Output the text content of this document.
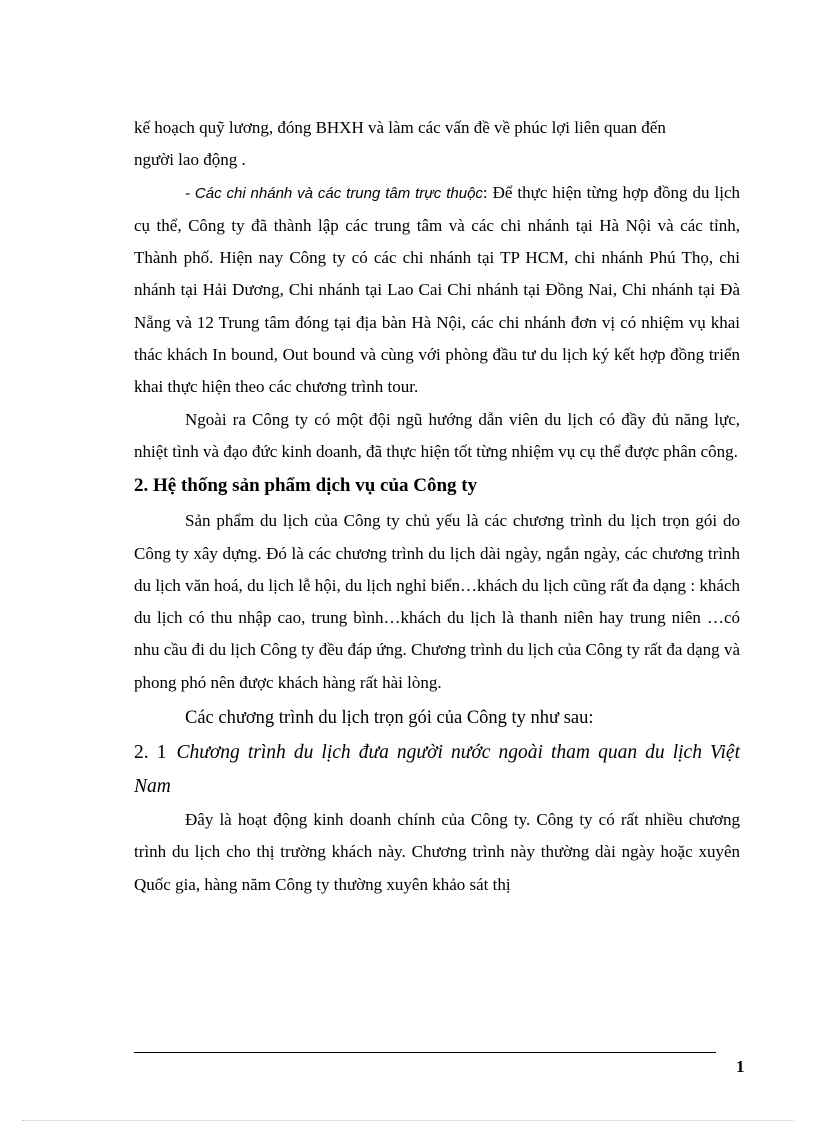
kế hoạch quỹ lương, đóng BHXH và làm các vấn đề về phúc lợi liên quan đến

người lao động .

- Các chi nhánh và các trung tâm trực thuộc: Để thực hiện từng hợp đồng du lịch cụ thể, Công ty đã thành lập các trung tâm và các chi nhánh tại Hà Nội và các tỉnh, Thành phố. Hiện nay Công ty có các chi nhánh tại TP HCM, chi nhánh Phú Thọ, chi nhánh tại Hải Dương, Chi nhánh tại Lao Cai Chi nhánh tại Đồng Nai, Chi nhánh tại Đà Nẵng và 12 Trung tâm đóng tại địa bàn Hà Nội, các chi nhánh đơn vị có nhiệm vụ khai thác khách In bound, Out bound và cùng với phòng đầu tư du lịch ký kết hợp đồng triển khai thực hiện theo các chương trình tour.

Ngoài ra Công ty có một đội ngũ hướng dẫn viên du lịch có đầy đủ năng lực, nhiệt tình và đạo đức kinh doanh, đã thực hiện tốt từng nhiệm vụ cụ thể được phân công.

2. Hệ thống sản phẩm dịch vụ của Công ty

Sản phẩm du lịch của Công ty chủ yếu là các chương trình du lịch trọn gói do Công ty xây dựng. Đó là các chương trình du lịch dài ngày, ngắn ngày, các chương trình du lịch văn hoá, du lịch lễ hội, du lịch nghỉ biển…khách du lịch cũng rất đa dạng : khách du lịch có thu nhập cao, trung bình…khách du lịch là thanh niên hay trung niên …có nhu cầu đi du lịch Công ty đều đáp ứng. Chương trình du lịch của Công ty rất đa dạng và phong phó nên được khách hàng rất hài lòng.

Các chương trình du lịch trọn gói của Công ty như sau:

2. 1 Chương trình du lịch đưa người nước ngoài tham quan du lịch Việt Nam

Đây là hoạt động kinh doanh chính của Công ty. Công ty có rất nhiều chương trình du lịch cho thị trường khách này. Chương trình này thường dài ngày hoặc xuyên Quốc gia, hàng năm Công ty thường xuyên khảo sát thị

1
